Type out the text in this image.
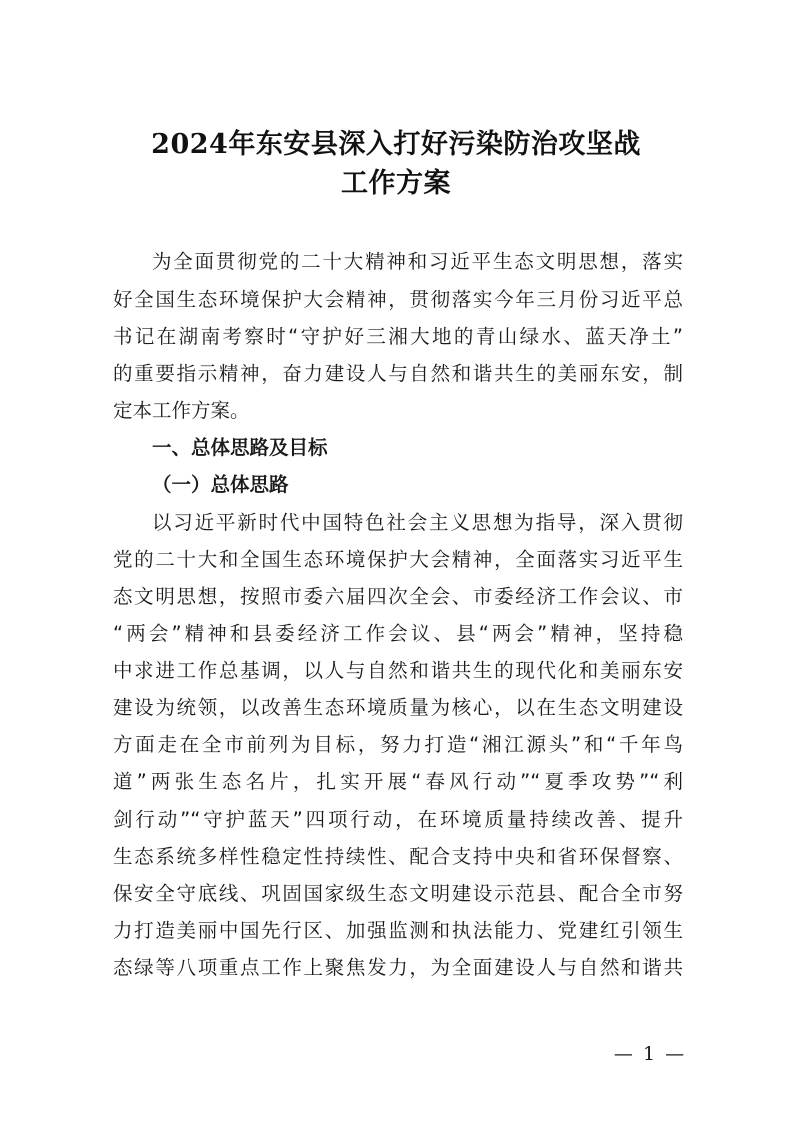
2024年东安县深入打好污染防治攻坚战
工作方案
为全面贯彻党的二十大精神和习近平生态文明思想，落实
好全国生态环境保护大会精神，贯彻落实今年三月份习近平总
书记在湖南考察时“守护好三湘大地的青山绿水、蓝天净土”
的重要指示精神，奋力建设人与自然和谐共生的美丽东安，制
定本工作方案。
一、总体思路及目标
（一）总体思路
以习近平新时代中国特色社会主义思想为指导，深入贯彻
党的二十大和全国生态环境保护大会精神，全面落实习近平生
态文明思想，按照市委六届四次全会、市委经济工作会议、市
“两会”精神和县委经济工作会议、县“两会”精神，坚持稳
中求进工作总基调，以人与自然和谐共生的现代化和美丽东安
建设为统领，以改善生态环境质量为核心，以在生态文明建设
方面走在全市前列为目标，努力打造“湘江源头”和“千年鸟
道”两张生态名片，扎实开展“春风行动”“夏季攻势”“利
剑行动”“守护蓝天”四项行动，在环境质量持续改善、提升
生态系统多样性稳定性持续性、配合支持中央和省环保督察、
保安全守底线、巩固国家级生态文明建设示范县、配合全市努
力打造美丽中国先行区、加强监测和执法能力、党建红引领生
态绿等八项重点工作上聚焦发力，为全面建设人与自然和谐共
— 1 —
